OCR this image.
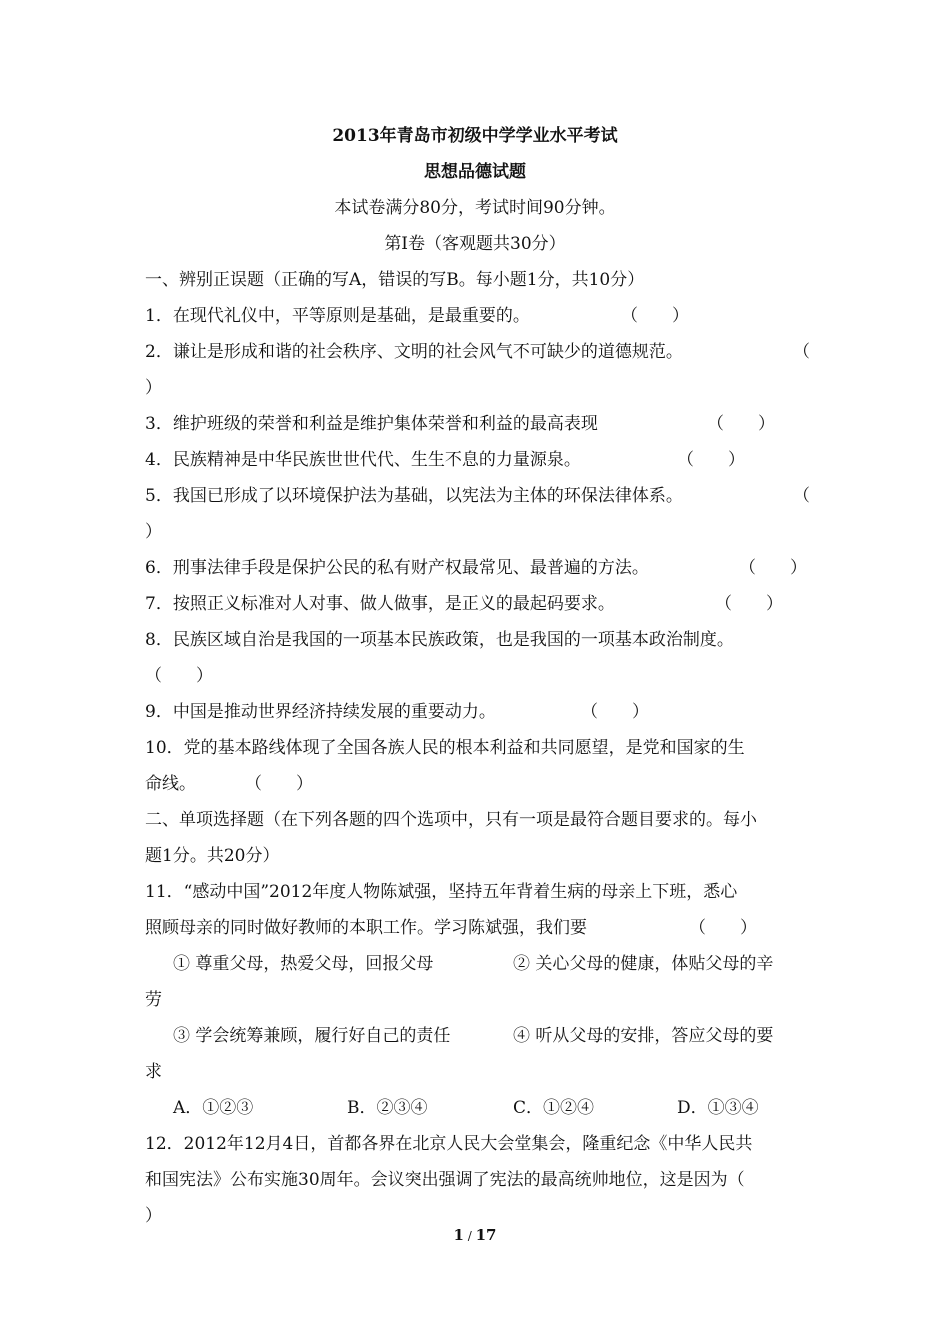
2013年青岛市初级中学学业水平考试
思想品德试题
本试卷满分80分，考试时间90分钟。
第Ⅰ卷（客观题共30分）
一、辨别正误题（正确的写A，错误的写B。每小题1分，共10分）
1．在现代礼仪中，平等原则是基础，是最重要的。	（　　）
2．谦让是形成和谐的社会秩序、文明的社会风气不可缺少的道德规范。	（
）
3．维护班级的荣誉和利益是维护集体荣誉和利益的最高表现	（　　）
4．民族精神是中华民族世世代代、生生不息的力量源泉。	（　　）
5．我国已形成了以环境保护法为基础，以宪法为主体的环保法律体系。	（
）
6．刑事法律手段是保护公民的私有财产权最常见、最普遍的方法。	（　　）
7．按照正义标准对人对事、做人做事，是正义的最起码要求。	（　　）
8．民族区域自治是我国的一项基本民族政策，也是我国的一项基本政治制度。
（　　）
9．中国是推动世界经济持续发展的重要动力。	（　　）
10．党的基本路线体现了全国各族人民的根本利益和共同愿望，是党和国家的生
命线。	（　　）
二、单项选择题（在下列各题的四个选项中，只有一项是最符合题目要求的。每小
题1分。共20分）
11．“感动中国”2012年度人物陈斌强，坚持五年背着生病的母亲上下班，悉心
照顾母亲的同时做好教师的本职工作。学习陈斌强，我们要	（　　）
① 尊重父母，热爱父母，回报父母	② 关心父母的健康，体贴父母的辛
劳
③ 学会统筹兼顾，履行好自己的责任	④ 听从父母的安排，答应父母的要
求
A．①②③	B．②③④	C．①②④	D．①③④
12．2012年12月4日，首都各界在北京人民大会堂集会，隆重纪念《中华人民共
和国宪法》公布实施30周年。会议突出强调了宪法的最高统帅地位，这是因为（
）
1 / 17
